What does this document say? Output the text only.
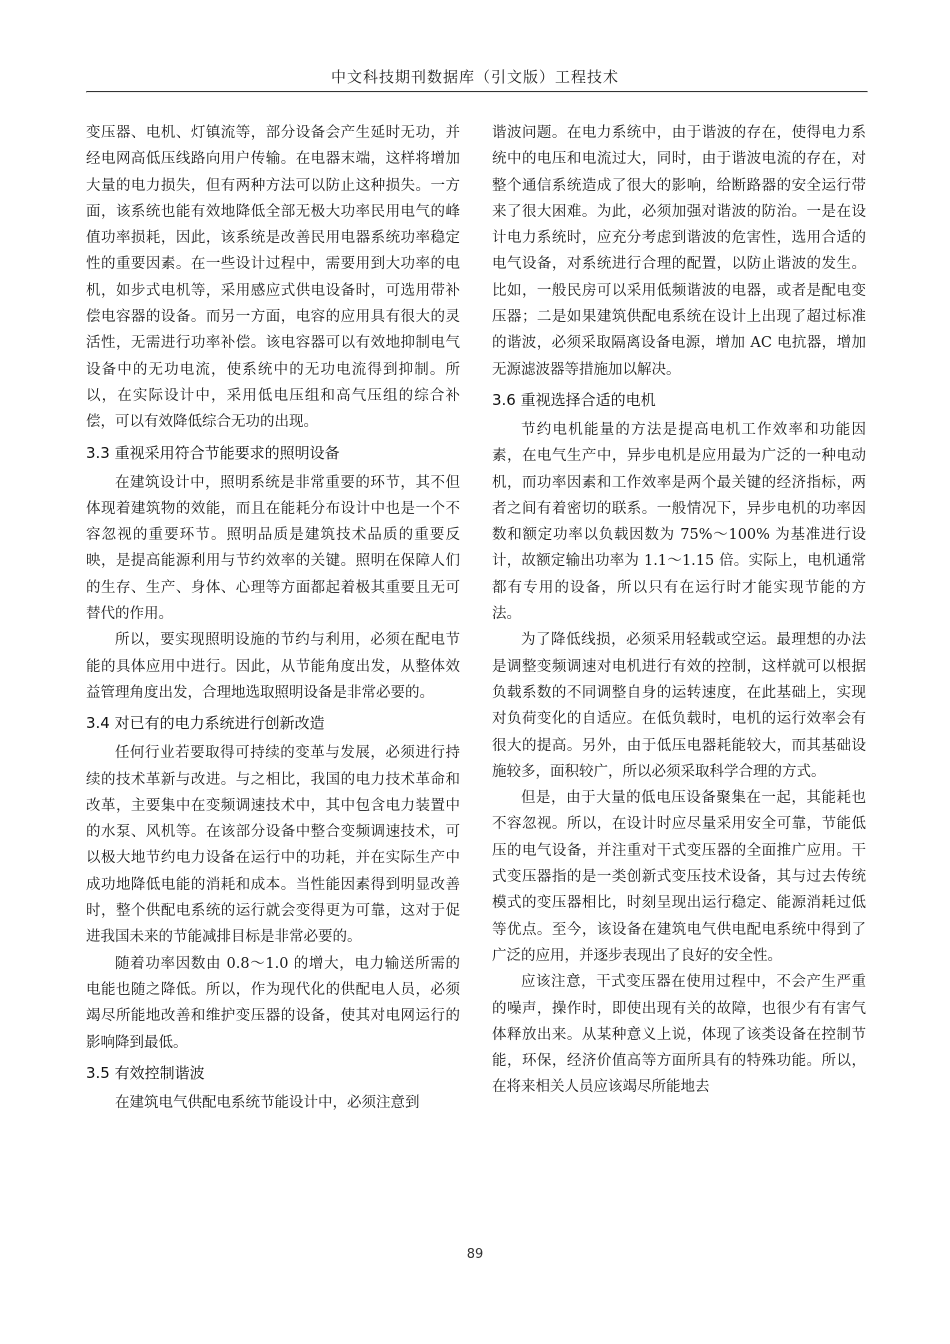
中文科技期刊数据库（引文版）工程技术

变压器、电机、灯镇流等，部分设备会产生延时无功，并经电网高低压线路向用户传输。在电器末端，这样将增加大量的电力损失，但有两种方法可以防止这种损失。一方面，该系统也能有效地降低全部无极大功率民用电气的峰值功率损耗，因此，该系统是改善民用电器系统功率稳定性的重要因素。在一些设计过程中，需要用到大功率的电机，如步式电机等，采用感应式供电设备时，可选用带补偿电容器的设备。而另一方面，电容的应用具有很大的灵活性，无需进行功率补偿。该电容器可以有效地抑制电气设备中的无功电流，使系统中的无功电流得到抑制。所以，在实际设计中，采用低电压组和高气压组的综合补偿，可以有效降低综合无功的出现。

3.3 重视采用符合节能要求的照明设备

在建筑设计中，照明系统是非常重要的环节，其不但体现着建筑物的效能，而且在能耗分布设计中也是一个不容忽视的重要环节。照明品质是建筑技术品质的重要反映，是提高能源利用与节约效率的关键。照明在保障人们的生存、生产、身体、心理等方面都起着极其重要且无可替代的作用。

所以，要实现照明设施的节约与利用，必须在配电节能的具体应用中进行。因此，从节能角度出发，从整体效益管理角度出发，合理地选取照明设备是非常必要的。

3.4 对已有的电力系统进行创新改造

任何行业若要取得可持续的变革与发展，必须进行持续的技术革新与改进。与之相比，我国的电力技术革命和改革，主要集中在变频调速技术中，其中包含电力装置中的水泵、风机等。在该部分设备中整合变频调速技术，可以极大地节约电力设备在运行中的功耗，并在实际生产中成功地降低电能的消耗和成本。当性能因素得到明显改善时，整个供配电系统的运行就会变得更为可靠，这对于促进我国未来的节能减排目标是非常必要的。

随着功率因数由 0.8～1.0 的增大，电力输送所需的电能也随之降低。所以，作为现代化的供配电人员，必须竭尽所能地改善和维护变压器的设备，使其对电网运行的影响降到最低。

3.5 有效控制谐波

在建筑电气供配电系统节能设计中，必须注意到

谐波问题。在电力系统中，由于谐波的存在，使得电力系统中的电压和电流过大，同时，由于谐波电流的存在，对整个通信系统造成了很大的影响，给断路器的安全运行带来了很大困难。为此，必须加强对谐波的防治。一是在设计电力系统时，应充分考虑到谐波的危害性，选用合适的电气设备，对系统进行合理的配置，以防止谐波的发生。比如，一般民房可以采用低频谐波的电器，或者是配电变压器；二是如果建筑供配电系统在设计上出现了超过标准的谐波，必须采取隔离设备电源，增加 AC 电抗器，增加无源滤波器等措施加以解决。

3.6 重视选择合适的电机

节约电机能量的方法是提高电机工作效率和功能因素，在电气生产中，异步电机是应用最为广泛的一种电动机，而功率因素和工作效率是两个最关键的经济指标，两者之间有着密切的联系。一般情况下，异步电机的功率因数和额定功率以负载因数为 75%～100% 为基准进行设计，故额定输出功率为 1.1～1.15 倍。实际上，电机通常都有专用的设备，所以只有在运行时才能实现节能的方法。

为了降低线损，必须采用轻载或空运。最理想的办法是调整变频调速对电机进行有效的控制，这样就可以根据负载系数的不同调整自身的运转速度，在此基础上，实现对负荷变化的自适应。在低负载时，电机的运行效率会有很大的提高。另外，由于低压电器耗能较大，而其基础设施较多，面积较广，所以必须采取科学合理的方式。

但是，由于大量的低电压设备聚集在一起，其能耗也不容忽视。所以，在设计时应尽量采用安全可靠，节能低压的电气设备，并注重对干式变压器的全面推广应用。干式变压器指的是一类创新式变压技术设备，其与过去传统模式的变压器相比，时刻呈现出运行稳定、能源消耗过低等优点。至今，该设备在建筑电气供电配电系统中得到了广泛的应用，并逐步表现出了良好的安全性。

应该注意，干式变压器在使用过程中，不会产生严重的噪声，操作时，即使出现有关的故障，也很少有有害气体释放出来。从某种意义上说，体现了该类设备在控制节能，环保，经济价值高等方面所具有的特殊功能。所以，在将来相关人员应该竭尽所能地去

89
